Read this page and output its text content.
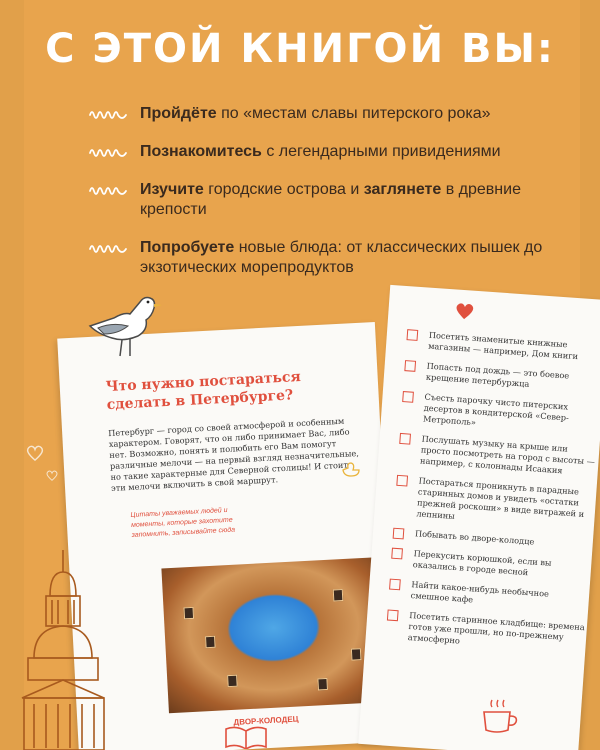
С ЭТОЙ КНИГОЙ ВЫ:
Пройдёте по «местам славы питерского рока»
Познакомитесь с легендарными привидениями
Изучите городские острова и заглянете в древние крепости
Попробуете новые блюда: от классических пышек до экзотических морепродуктов
Что нужно постараться сделать в Петербурге?
Петербург — город со своей атмосферой и особенным характером. Говорят, что он либо принимает Вас, либо нет. Возможно, понять и полюбить его Вам помогут различные мелочи — на первый взгляд незначительные, но такие характерные для Северной столицы! И стоит эти мелочи включить в свой маршрут.
Цитаты уважаемых людей и моменты, которые захотите запомнить, записывайте сюда
ДВОР-КОЛОДЕЦ
Посетить знаменитые книжные магазины — например, Дом книги
Попасть под дождь — это боевое крещение петербуржца
Съесть парочку чисто питерских десертов в кондитерской «Север-Метрополь»
Послушать музыку на крыше или просто посмотреть на город с высоты — например, с колоннады Исаакия
Постараться проникнуть в парадные старинных домов и увидеть «остатки прежней роскоши» в виде витражей и лепнины
Побывать во дворе-колодце
Перекусить корюшкой, если вы оказались в городе весной
Найти какое-нибудь необычное смешное кафе
Посетить старинное кладбище: времена готов уже прошли, но по-прежнему атмосферно
